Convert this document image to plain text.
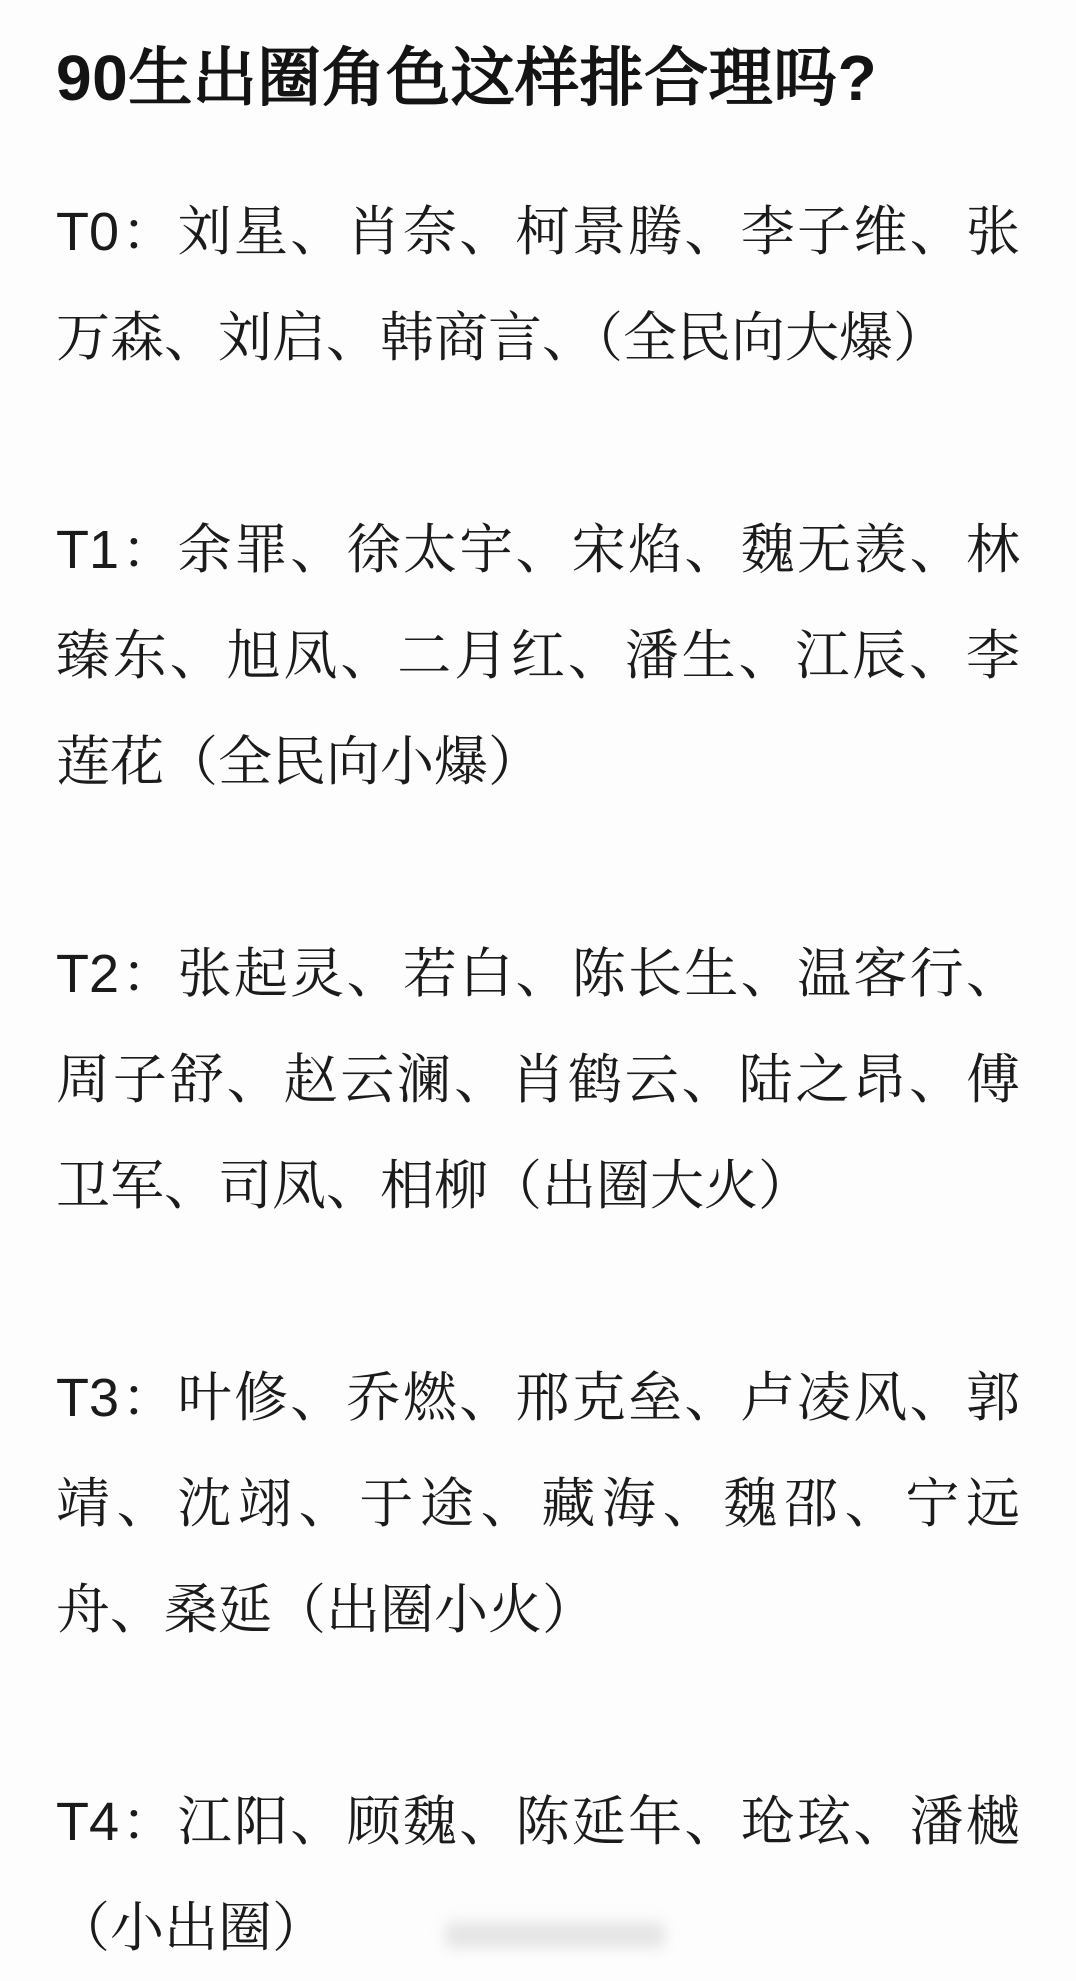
90生出圈角色这样排合理吗?
T0：刘星、肖奈、柯景腾、李子维、张
万森、刘启、韩商言、（全民向大爆）
T1：余罪、徐太宇、宋焰、魏无羡、林
臻东、旭凤、二月红、潘生、江辰、李
莲花（全民向小爆）
T2：张起灵、若白、陈长生、温客行、
周子舒、赵云澜、肖鹤云、陆之昂、傅
卫军、司凤、相柳（出圈大火）
T3：叶修、乔燃、邢克垒、卢凌风、郭
靖、沈翊、于途、藏海、魏邵、宁远
舟、桑延（出圈小火）
T4：江阳、顾魏、陈延年、玱玹、潘樾
（小出圈）
